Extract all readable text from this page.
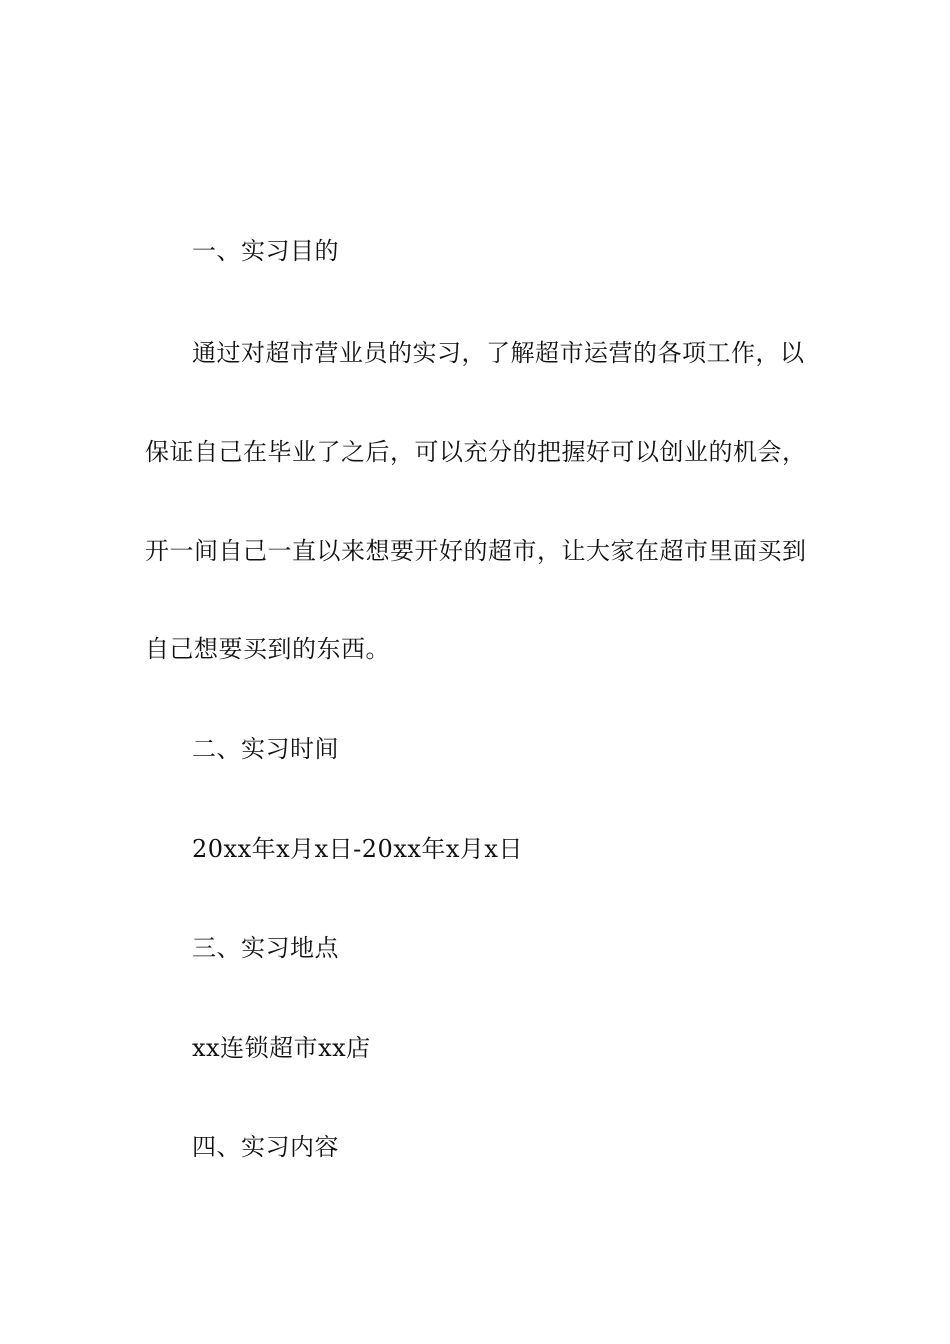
一、实习目的
通过对超市营业员的实习，了解超市运营的各项工作，以
保证自己在毕业了之后，可以充分的把握好可以创业的机会，
开一间自己一直以来想要开好的超市，让大家在超市里面买到
自己想要买到的东西。
二、实习时间
20xx年x月x日-20xx年x月x日
三、实习地点
xx连锁超市xx店
四、实习内容
